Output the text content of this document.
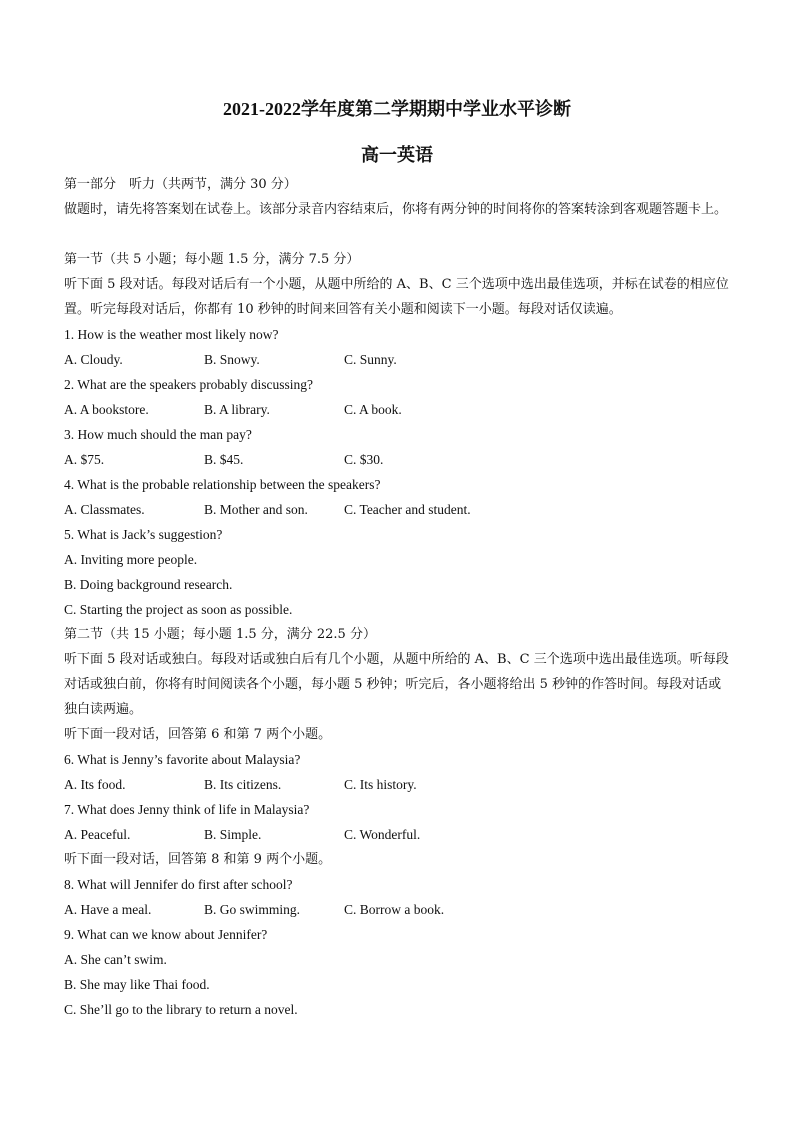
2021-2022学年度第二学期期中学业水平诊断
高一英语
第一部分　听力（共两节，满分 30 分）
做题时，请先将答案划在试卷上。该部分录音内容结束后，你将有两分钟的时间将你的答案转涂到客观题答题卡上。
第一节（共 5 小题；每小题 1.5 分，满分 7.5 分）
听下面 5 段对话。每段对话后有一个小题，从题中所给的 A、B、C 三个选项中选出最佳选项，并标在试卷的相应位置。听完每段对话后，你都有 10 秒钟的时间来回答有关小题和阅读下一小题。每段对话仅读遍。
1. How is the weather most likely now?
A. Cloudy.	B. Snowy.	C. Sunny.
2. What are the speakers probably discussing?
A. A bookstore.	B. A library.	C. A book.
3. How much should the man pay?
A. $75.	B. $45.	C. $30.
4. What is the probable relationship between the speakers?
A. Classmates.	B. Mother and son.	C. Teacher and student.
5. What is Jack’s suggestion?
A. Inviting more people.
B. Doing background research.
C. Starting the project as soon as possible.
第二节（共 15 小题；每小题 1.5 分，满分 22.5 分）
听下面 5 段对话或独白。每段对话或独白后有几个小题，从题中所给的 A、B、C 三个选项中选出最佳选项。听每段对话或独白前，你将有时间阅读各个小题，每小题 5 秒钟；听完后，各小题将给出 5 秒钟的作答时间。每段对话或独白读两遍。
听下面一段对话，回答第 6 和第 7 两个小题。
6. What is Jenny’s favorite about Malaysia?
A. Its food.	B. Its citizens.	C. Its history.
7. What does Jenny think of life in Malaysia?
A. Peaceful.	B. Simple.	C. Wonderful.
听下面一段对话，回答第 8 和第 9 两个小题。
8. What will Jennifer do first after school?
A. Have a meal.	B. Go swimming.	C. Borrow a book.
9. What can we know about Jennifer?
A. She can’t swim.
B. She may like Thai food.
C. She’ll go to the library to return a novel.
